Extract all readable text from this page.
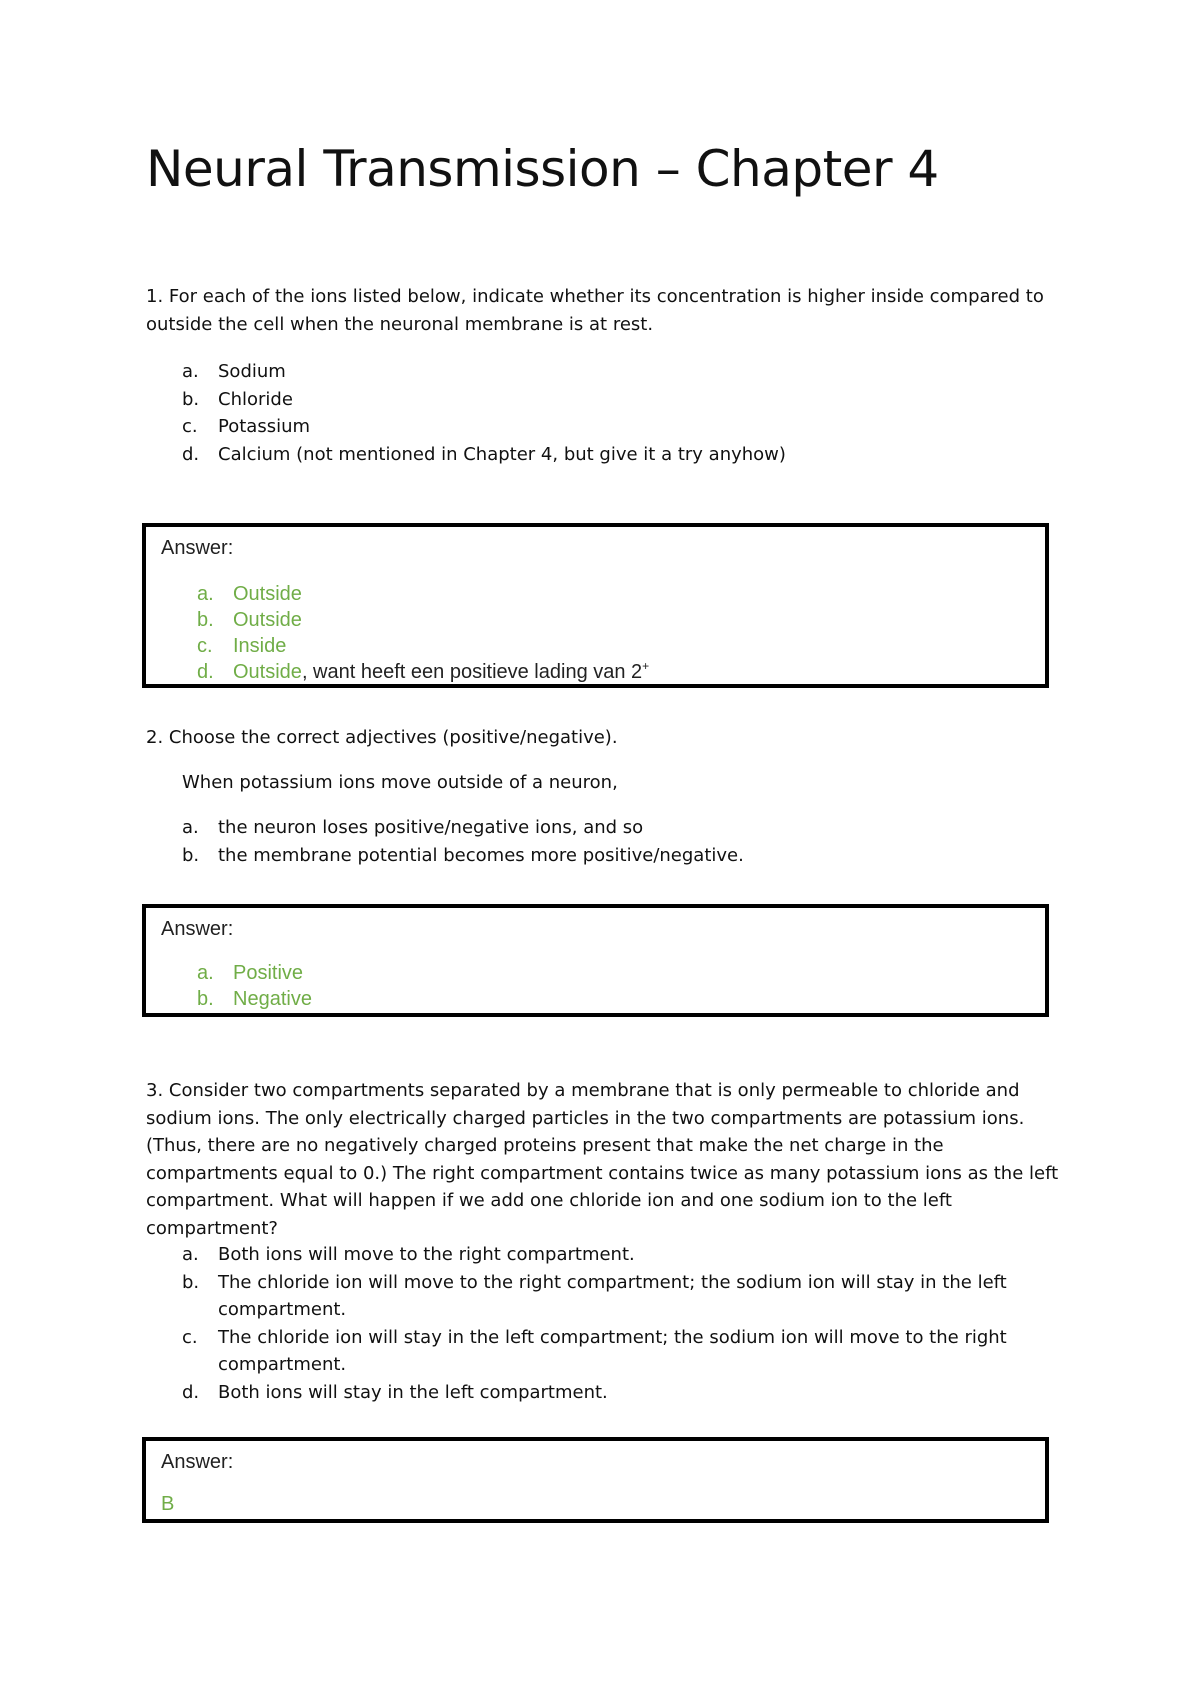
Neural Transmission – Chapter 4

1. For each of the ions listed below, indicate whether its concentration is higher inside compared to outside the cell when the neuronal membrane is at rest.

a.	Sodium
b.	Chloride
c.	Potassium
d.	Calcium (not mentioned in Chapter 4, but give it a try anyhow)
Answer:
a. Outside
b. Outside
c.	Inside
d. Outside, want heeft een positieve lading van 2+

2. Choose the correct adjectives (positive/negative).

When potassium ions move outside of a neuron,

a.	the neuron loses positive/negative ions, and so
b.	the membrane potential becomes more positive/negative.
Answer:
a. Positive
b. Negative

3. Consider two compartments separated by a membrane that is only permeable to chloride and sodium ions. The only electrically charged particles in the two compartments are potassium ions. (Thus, there are no negatively charged proteins present that make the net charge in the compartments equal to 0.) The right compartment contains twice as many potassium ions as the left compartment. What will happen if we add one chloride ion and one sodium ion to the left compartment?

a.	Both ions will move to the right compartment.
b.	The chloride ion will move to the right compartment; the sodium ion will stay in the left compartment.
c.	The chloride ion will stay in the left compartment; the sodium ion will move to the right compartment.
d.	Both ions will stay in the left compartment.
Answer:
B
